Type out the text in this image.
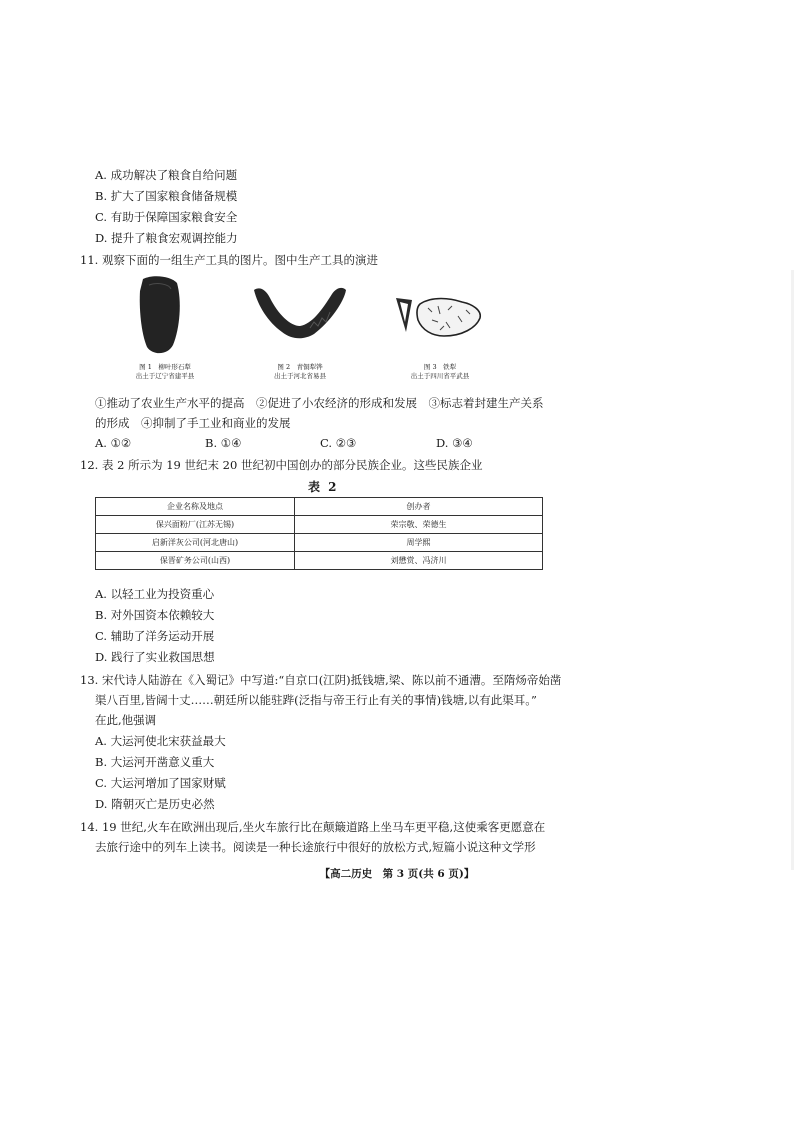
A. 成功解决了粮食自给问题
B. 扩大了国家粮食储备规模
C. 有助于保障国家粮食安全
D. 提升了粮食宏观调控能力
11. 观察下面的一组生产工具的图片。图中生产工具的演进
图 1　柳叶形石犁
出土于辽宁省建平县
图 2　青铜犁铧
出土于河北省易县
图 3　铁犁
出土于四川省平武县
①推动了农业生产水平的提高　②促进了小农经济的形成和发展　③标志着封建生产关系
的形成　④抑制了手工业和商业的发展
A. ①②	B. ①④	C. ②③	D. ③④
12. 表 2 所示为 19 世纪末 20 世纪初中国创办的部分民族企业。这些民族企业
表 2
企业名称及地点	创办者
保兴面粉厂(江苏无锡)	荣宗敬、荣德生
启新洋灰公司(河北唐山)	周学熙
保晋矿务公司(山西)	刘懋赏、冯济川
A. 以轻工业为投资重心
B. 对外国资本依赖较大
C. 辅助了洋务运动开展
D. 践行了实业救国思想
13. 宋代诗人陆游在《入蜀记》中写道:“自京口(江阴)抵钱塘,梁、陈以前不通漕。至隋炀帝始凿
渠八百里,皆阔十丈……朝廷所以能驻跸(泛指与帝王行止有关的事情)钱塘,以有此渠耳。”
在此,他强调
A. 大运河使北宋获益最大
B. 大运河开凿意义重大
C. 大运河增加了国家财赋
D. 隋朝灭亡是历史必然
14. 19 世纪,火车在欧洲出现后,坐火车旅行比在颠簸道路上坐马车更平稳,这使乘客更愿意在
去旅行途中的列车上读书。阅读是一种长途旅行中很好的放松方式,短篇小说这种文学形
【高二历史　第 3 页(共 6 页)】
